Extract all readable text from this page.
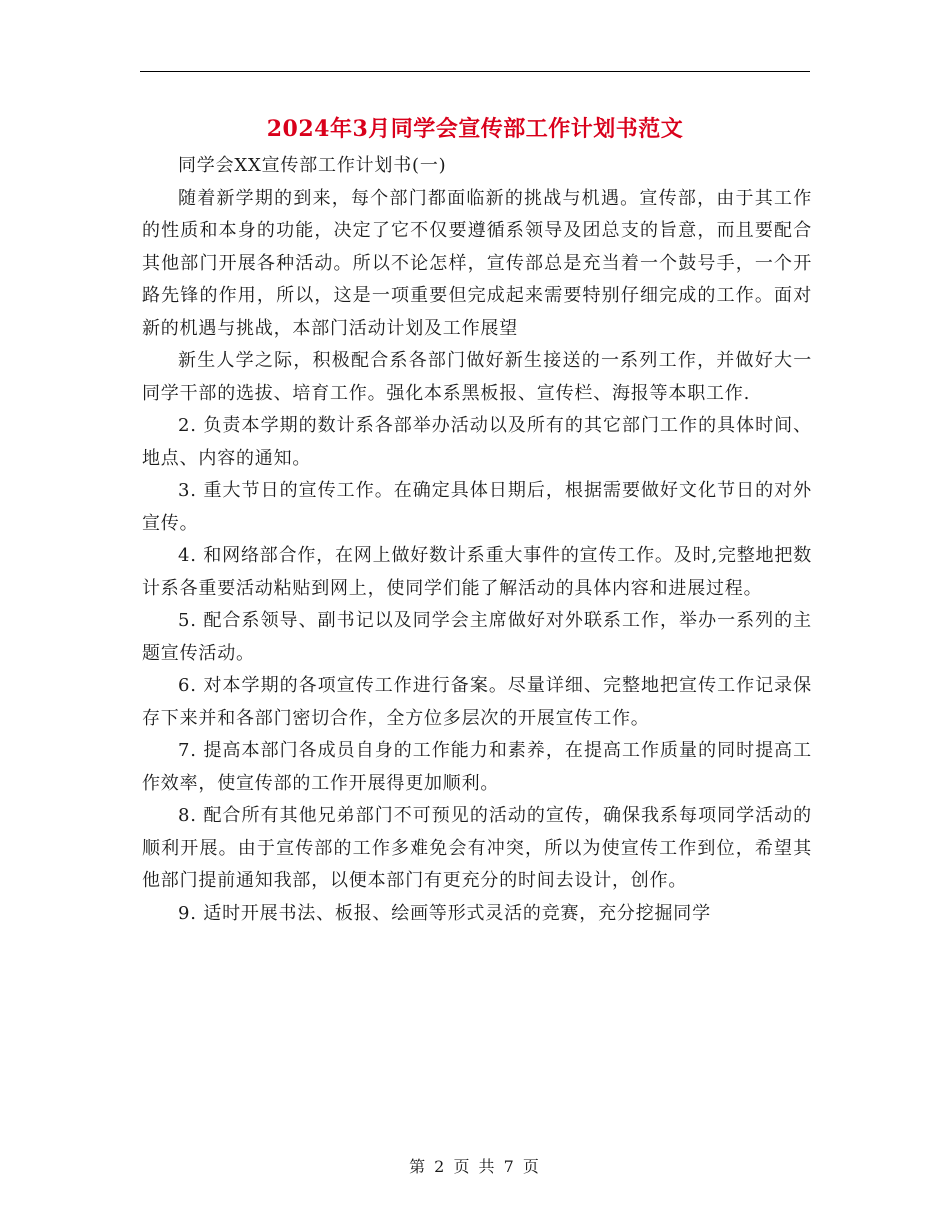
2024年3月同学会宣传部工作计划书范文

同学会XX宣传部工作计划书(一)

随着新学期的到来，每个部门都面临新的挑战与机遇。宣传部，由于其工作的性质和本身的功能，决定了它不仅要遵循系领导及团总支的旨意，而且要配合其他部门开展各种活动。所以不论怎样，宣传部总是充当着一个鼓号手，一个开路先锋的作用，所以，这是一项重要但完成起来需要特别仔细完成的工作。面对新的机遇与挑战，本部门活动计划及工作展望

新生人学之际，积极配合系各部门做好新生接送的一系列工作，并做好大一同学干部的选拔、培育工作。强化本系黑板报、宣传栏、海报等本职工作.

2. 负责本学期的数计系各部举办活动以及所有的其它部门工作的具体时间、地点、内容的通知。

3. 重大节日的宣传工作。在确定具体日期后，根据需要做好文化节日的对外宣传。

4. 和网络部合作，在网上做好数计系重大事件的宣传工作。及时,完整地把数计系各重要活动粘贴到网上，使同学们能了解活动的具体内容和进展过程。

5. 配合系领导、副书记以及同学会主席做好对外联系工作，举办一系列的主题宣传活动。

6. 对本学期的各项宣传工作进行备案。尽量详细、完整地把宣传工作记录保存下来并和各部门密切合作，全方位多层次的开展宣传工作。

7. 提高本部门各成员自身的工作能力和素养，在提高工作质量的同时提高工作效率，使宣传部的工作开展得更加顺利。

8. 配合所有其他兄弟部门不可预见的活动的宣传，确保我系每项同学活动的顺利开展。由于宣传部的工作多难免会有冲突，所以为使宣传工作到位，希望其他部门提前通知我部，以便本部门有更充分的时间去设计，创作。

9. 适时开展书法、板报、绘画等形式灵活的竞赛，充分挖掘同学

第 2 页 共 7 页
